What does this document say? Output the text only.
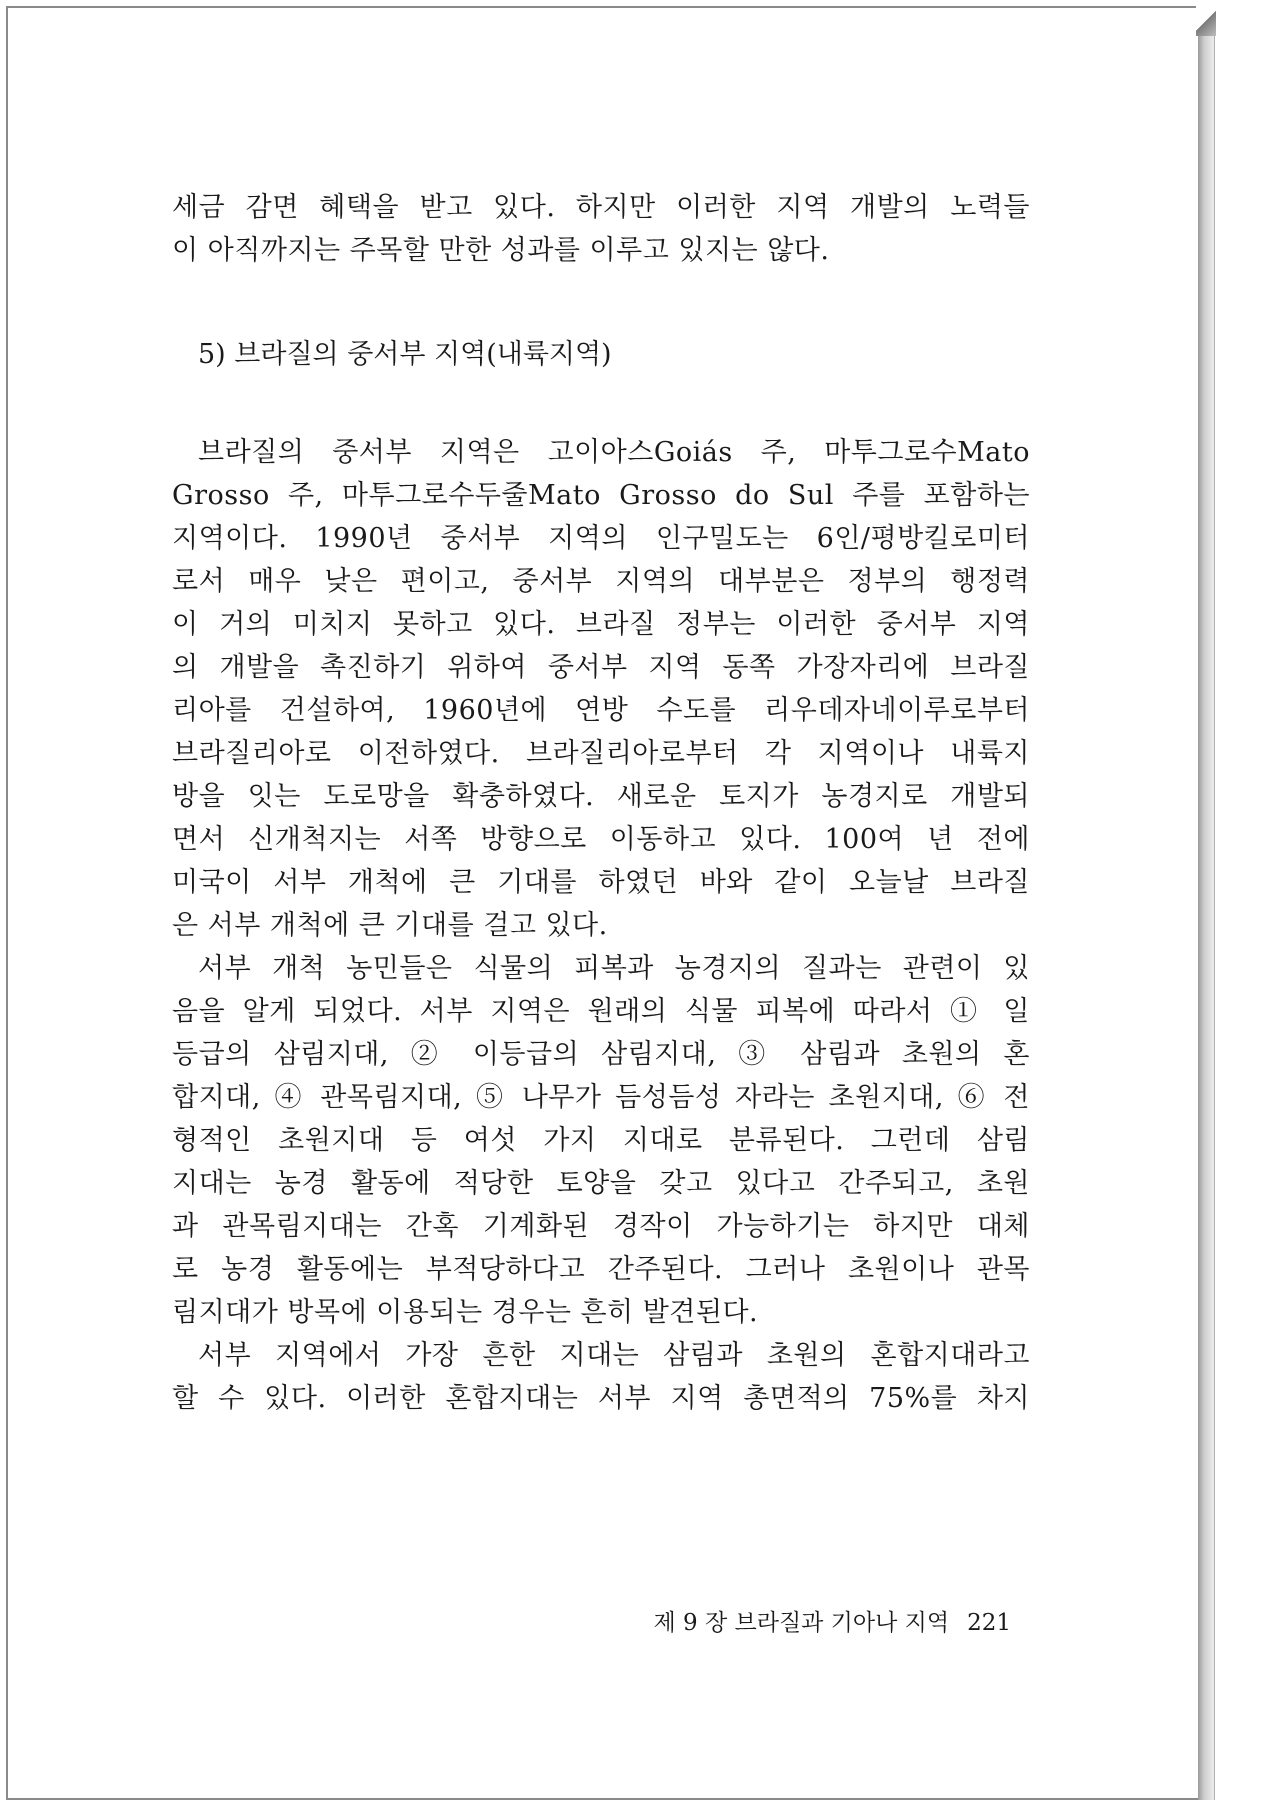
세금 감면 혜택을 받고 있다. 하지만 이러한 지역 개발의 노력들
이 아직까지는 주목할 만한 성과를 이루고 있지는 않다.
5) 브라질의 중서부 지역(내륙지역)
브라질의 중서부 지역은 고이아스Goiás 주, 마투그로수Mato
Grosso 주, 마투그로수두줄Mato Grosso do Sul 주를 포함하는
지역이다. 1990년 중서부 지역의 인구밀도는 6인/평방킬로미터
로서 매우 낮은 편이고, 중서부 지역의 대부분은 정부의 행정력
이 거의 미치지 못하고 있다. 브라질 정부는 이러한 중서부 지역
의 개발을 촉진하기 위하여 중서부 지역 동쪽 가장자리에 브라질
리아를 건설하여, 1960년에 연방 수도를 리우데자네이루로부터
브라질리아로 이전하였다. 브라질리아로부터 각 지역이나 내륙지
방을 잇는 도로망을 확충하였다. 새로운 토지가 농경지로 개발되
면서 신개척지는 서쪽 방향으로 이동하고 있다. 100여 년 전에
미국이 서부 개척에 큰 기대를 하였던 바와 같이 오늘날 브라질
은 서부 개척에 큰 기대를 걸고 있다.
서부 개척 농민들은 식물의 피복과 농경지의 질과는 관련이 있
음을 알게 되었다. 서부 지역은 원래의 식물 피복에 따라서 ① 일
등급의 삼림지대, ② 이등급의 삼림지대, ③ 삼림과 초원의 혼
합지대, ④ 관목림지대, ⑤ 나무가 듬성듬성 자라는 초원지대, ⑥ 전
형적인 초원지대 등 여섯 가지 지대로 분류된다. 그런데 삼림
지대는 농경 활동에 적당한 토양을 갖고 있다고 간주되고, 초원
과 관목림지대는 간혹 기계화된 경작이 가능하기는 하지만 대체
로 농경 활동에는 부적당하다고 간주된다. 그러나 초원이나 관목
림지대가 방목에 이용되는 경우는 흔히 발견된다.
서부 지역에서 가장 흔한 지대는 삼림과 초원의 혼합지대라고
할 수 있다. 이러한 혼합지대는 서부 지역 총면적의 75%를 차지
제 9 장 브라질과 기아나 지역 221
